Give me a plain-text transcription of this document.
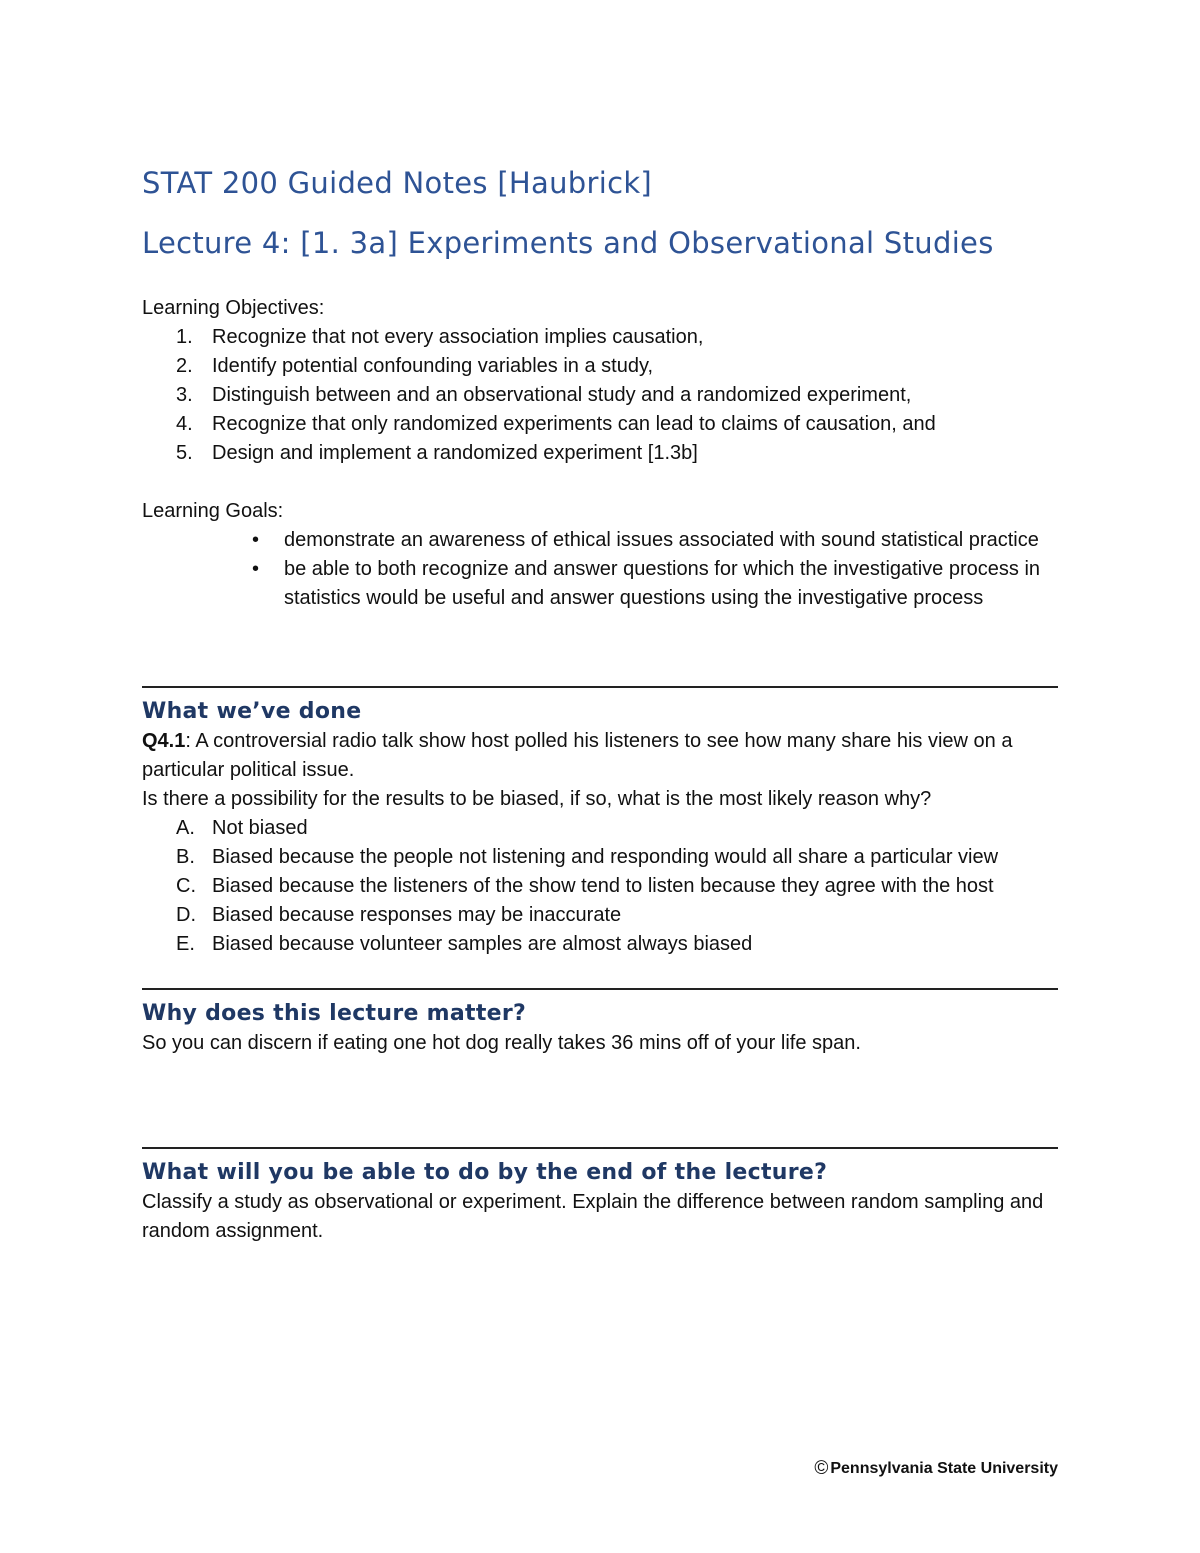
STAT 200 Guided Notes [Haubrick]
Lecture 4: [1. 3a] Experiments and Observational Studies
Learning Objectives:
1. Recognize that not every association implies causation,
2. Identify potential confounding variables in a study,
3. Distinguish between and an observational study and a randomized experiment,
4. Recognize that only randomized experiments can lead to claims of causation, and
5. Design and implement a randomized experiment [1.3b]
Learning Goals:
• demonstrate an awareness of ethical issues associated with sound statistical practice
• be able to both recognize and answer questions for which the investigative process in statistics would be useful and answer questions using the investigative process
What we’ve done
Q4.1: A controversial radio talk show host polled his listeners to see how many share his view on a particular political issue.
Is there a possibility for the results to be biased, if so, what is the most likely reason why?
A. Not biased
B. Biased because the people not listening and responding would all share a particular view
C. Biased because the listeners of the show tend to listen because they agree with the host
D. Biased because responses may be inaccurate
E. Biased because volunteer samples are almost always biased
Why does this lecture matter?
So you can discern if eating one hot dog really takes 36 mins off of your life span.
What will you be able to do by the end of the lecture?
Classify a study as observational or experiment. Explain the difference between random sampling and random assignment.
© Pennsylvania State University
